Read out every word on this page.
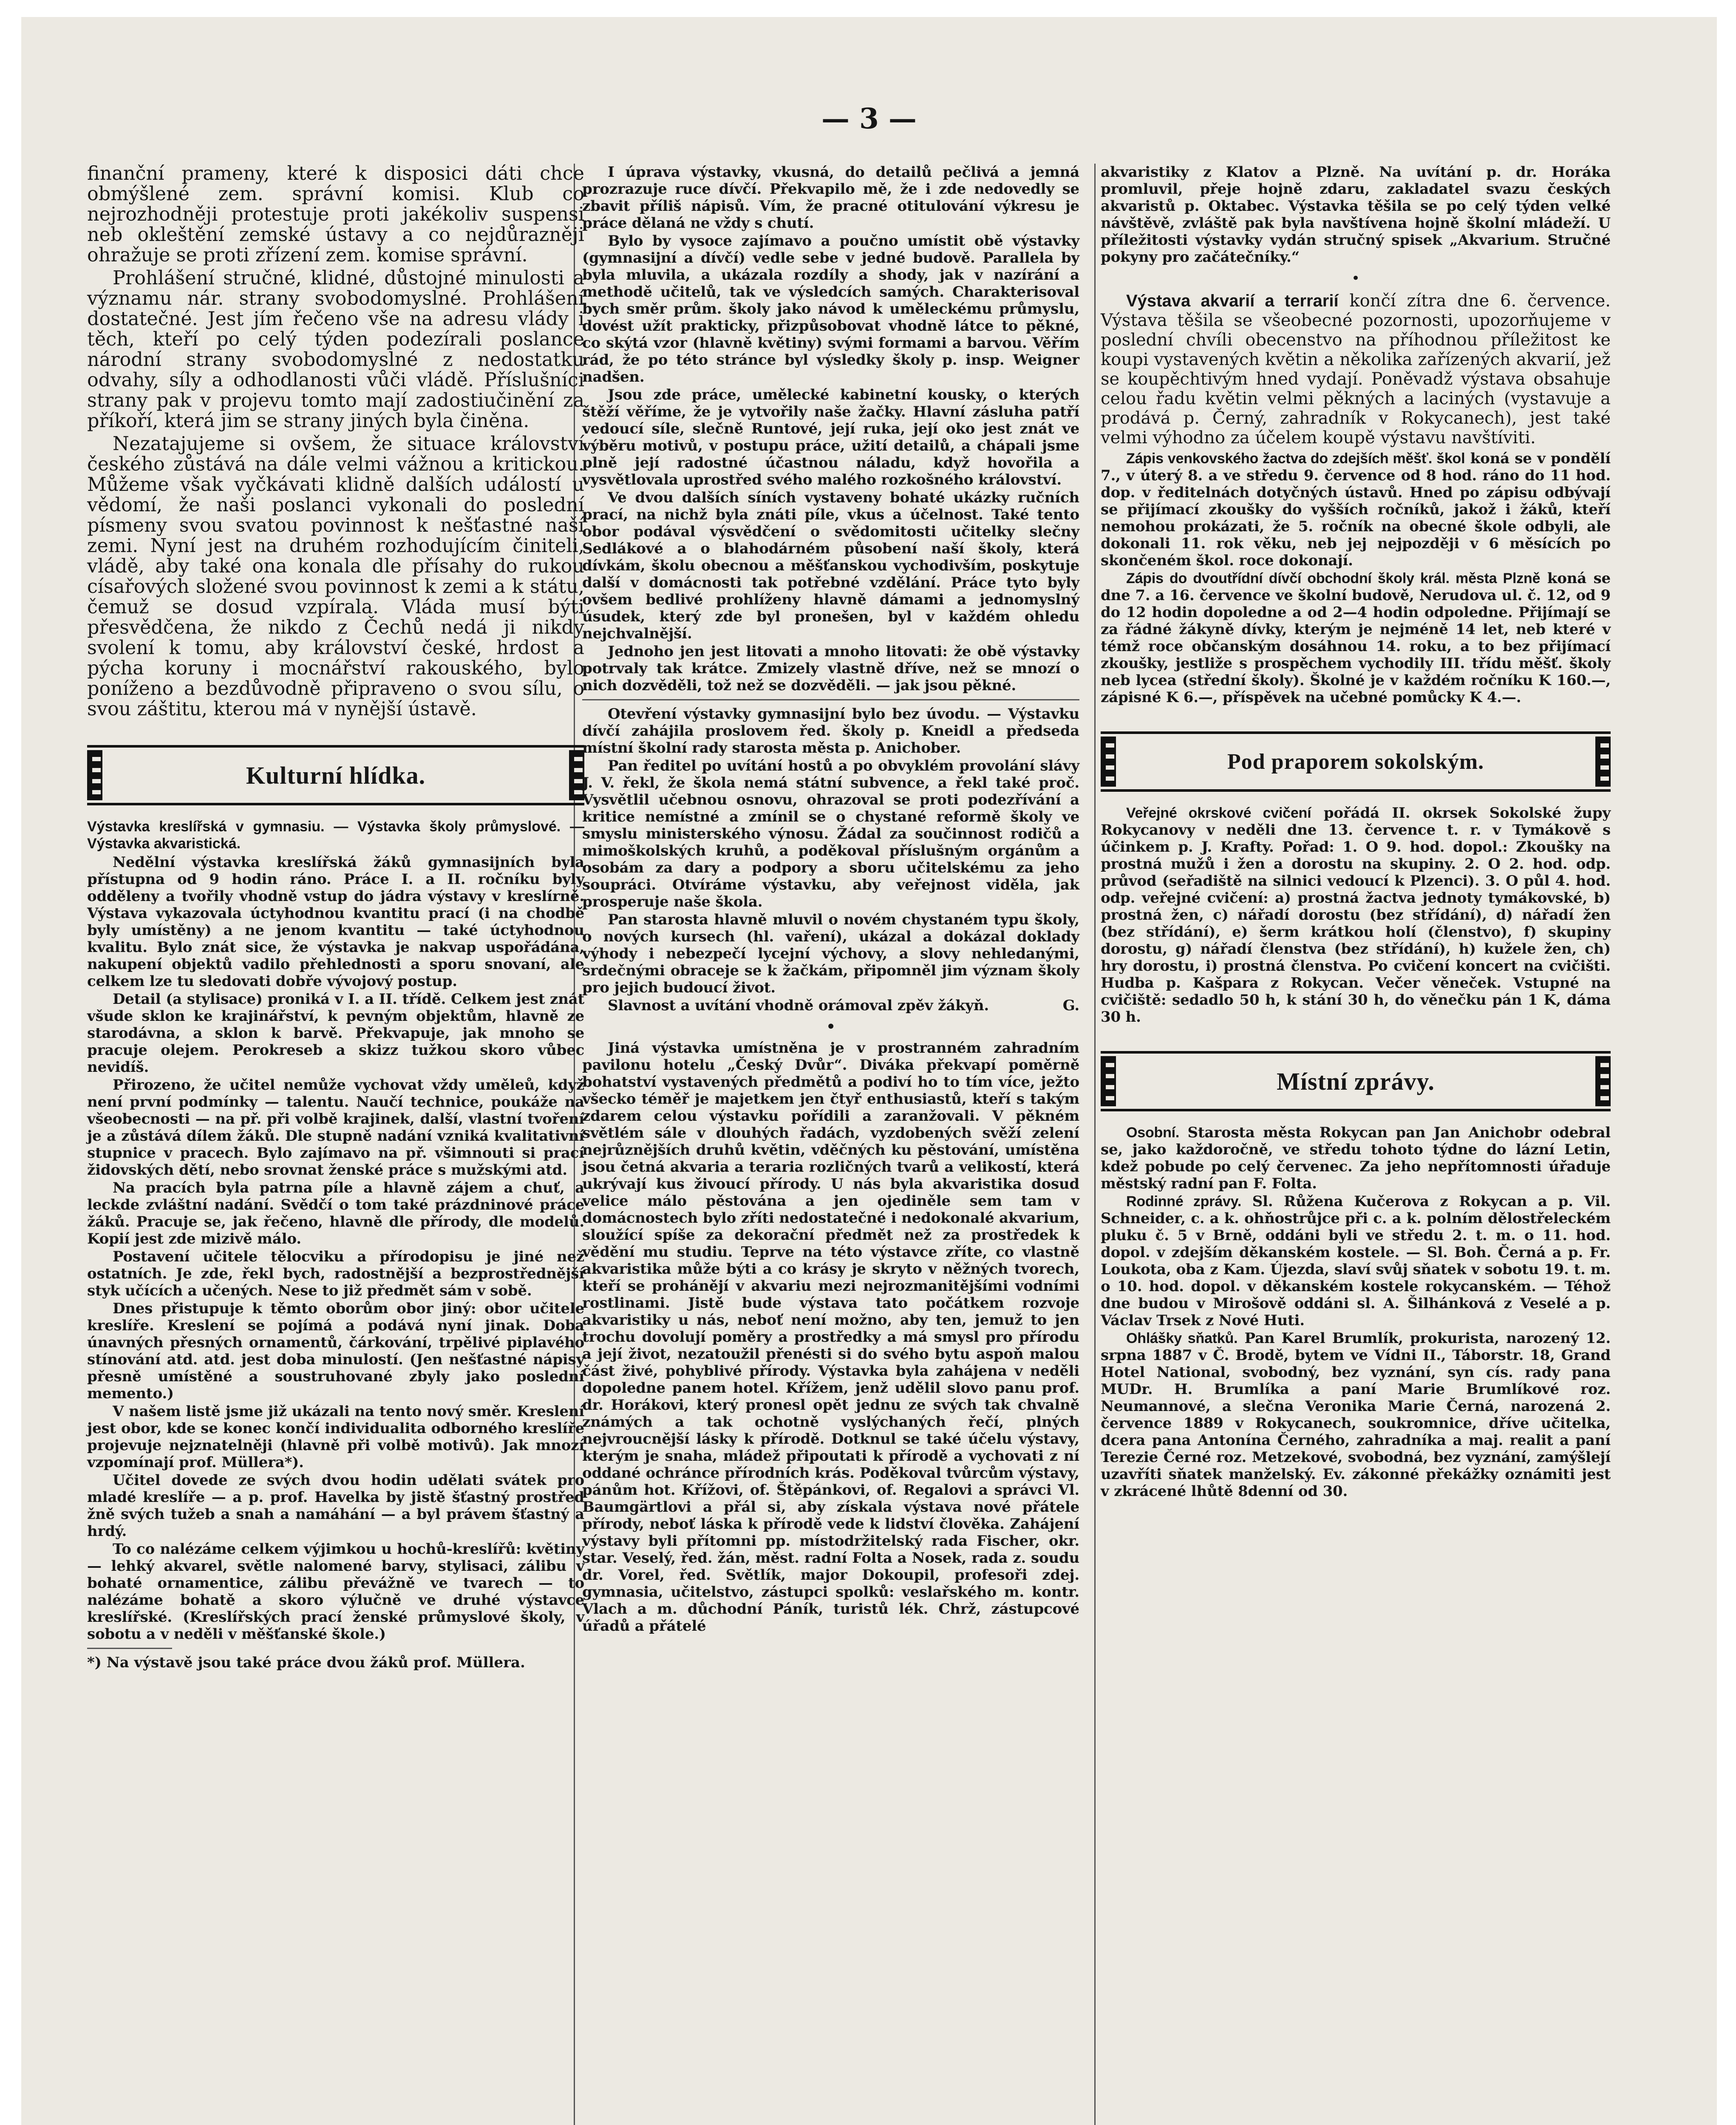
— 3 —

finanční prameny, které k disposici dáti chce obmýšlené zem. správní komisi. Klub co nejrozhodněji protestuje proti jakékoliv suspensi neb okleštění zemské ústavy a co nejdůrazněji ohražuje se proti zřízení zem. komise správní.

Prohlášení stručné, klidné, důstojné minulosti a významu nár. strany svobodomyslné. Prohlášení dostatečné. Jest jím řečeno vše na adresu vlády i těch, kteří po celý týden podezírali poslance národní strany svobodomyslné z nedostatku odvahy, síly a odhodlanosti vůči vládě. Příslušníci strany pak v projevu tomto mají zadostiučinění za příkoří, která jim se strany jiných byla činěna.

Nezatajujeme si ovšem, že situace království českého zůstává na dále velmi vážnou a kritickou. Můžeme však vyčkávati klidně dalších událostí u vědomí, že naši poslanci vykonali do poslední písmeny svou svatou povinnost k nešťastné naší zemi. Nyní jest na druhém rozhodujícím činiteli, vládě, aby také ona konala dle přísahy do rukou císařových složené svou povinnost k zemi a k státu, čemuž se dosud vzpírala. Vláda musí býti přesvědčena, že nikdo z Čechů nedá ji nikdy svolení k tomu, aby království české, hrdost a pýcha koruny i mocnářství rakouského, bylo poníženo a bezdůvodně připraveno o svou sílu, o svou záštitu, kterou má v nynější ústavě.

Kulturní hlídka.
Výstavka kreslířská v gymnasiu. — Výstavka školy průmyslové. — Výstavka akvaristická.

Nedělní výstavka kreslířská žáků gymnasijních byla přístupna od 9 hodin ráno. Práce I. a II. ročníku byly odděleny a tvořily vhodně vstup do jádra výstavy v kreslírně. Výstava vykazovala úctyhodnou kvantitu prací (i na chodbě byly umístěny) a ne jenom kvantitu — také úctyhodnou kvalitu. Bylo znát sice, že výstavka je nakvap uspořádána, nakupení objektů vadilo přehlednosti a sporu snovaní, ale celkem lze tu sledovati dobře vývojový postup.

Detail (a stylisace) proniká v I. a II. třídě. Celkem jest znát všude sklon ke krajinářství, k pevným objektům, hlavně ze starodávna, a sklon k barvě. Překvapuje, jak mnoho se pracuje olejem. Perokreseb a skizz tužkou skoro vůbec nevidíš.

Přirozeno, že učitel nemůže vychovat vždy uměleů, když není první podmínky — talentu. Naučí technice, poukáže na všeobecnosti — na př. při volbě krajinek, další, vlastní tvoření je a zůstává dílem žáků. Dle stupně nadání vzniká kvalitativní stupnice v pracech. Bylo zajímavo na př. všimnouti si prací židovských dětí, nebo srovnat ženské práce s mužskými atd.

Na pracích byla patrna píle a hlavně zájem a chuť, a leckde zvláštní nadání. Svědčí o tom také prázdninové práce žáků. Pracuje se, jak řečeno, hlavně dle přírody, dle modelů. Kopií jest zde mizivě málo.

Postavení učitele tělocviku a přírodopisu je jiné než ostatních. Je zde, řekl bych, radostnější a bezprostřednější styk učících a učených. Nese to již předmět sám v sobě.

Dnes přistupuje k těmto oborům obor jiný: obor učitele kreslíře. Kreslení se pojímá a podává nyní jinak. Doba únavných přesných ornamentů, čárkování, trpělivé piplavého stínování atd. atd. jest doba minulostí. (Jen nešťastné nápisy přesně umístěné a soustruhované zbyly jako poslední memento.)

V našem listě jsme již ukázali na tento nový směr. Kreslení jest obor, kde se konec končí individualita odborného kreslíře projevuje nejznatelněji (hlavně při volbě motivů). Jak mnozí vzpomínají prof. Müllera*).

Učitel dovede ze svých dvou hodin udělati svátek pro mladé kreslíře — a p. prof. Havelka by jistě šťastný prostřed žně svých tužeb a snah a namáhání — a byl právem šťastný a hrdý.

To co nalézáme celkem výjimkou u hochů-kreslířů: květiny — lehký akvarel, světle nalomené barvy, stylisaci, zálibu v bohaté ornamentice, zálibu převážně ve tvarech — to nalézáme bohatě a skoro výlučně ve druhé výstavce kreslířské. (Kreslířských prací ženské průmyslové školy, v sobotu a v neděli v měšťanské škole.)

*) Na výstavě jsou také práce dvou žáků prof. Müllera.

I úprava výstavky, vkusná, do detailů pečlivá a jemná prozrazuje ruce dívčí. Překvapilo mě, že i zde nedovedly se zbavit příliš nápisů. Vím, že pracné otitulování výkresu je práce dělaná ne vždy s chutí.

Bylo by vysoce zajímavo a poučno umístit obě výstavky (gymnasijní a dívčí) vedle sebe v jedné budově. Parallela by byla mluvila, a ukázala rozdíly a shody, jak v nazírání a methodě učitelů, tak ve výsledcích samých. Charakterisoval bych směr prům. školy jako návod k uměleckému průmyslu, dovést užít prakticky, přizpůsobovat vhodně látce to pěkné, co skýtá vzor (hlavně květiny) svými formami a barvou. Věřím rád, že po této stránce byl výsledky školy p. insp. Weigner nadšen.

Jsou zde práce, umělecké kabinetní kousky, o kterých štěží věříme, že je vytvořily naše žačky. Hlavní zásluha patří vedoucí síle, slečně Runtové, její ruka, její oko jest znát ve výběru motivů, v postupu práce, užití detailů, a chápali jsme plně její radostné účastnou náladu, když hovořila a vysvětlovala uprostřed svého malého rozkošného království.

Ve dvou dalších síních vystaveny bohaté ukázky ručních prací, na nichž byla znáti píle, vkus a účelnost. Také tento obor podával výsvědčení o svědomitosti učitelky slečny Sedlákové a o blahodárném působení naší školy, která dívkám, školu obecnou a měšťanskou vychodivším, poskytuje další v domácnosti tak potřebné vzdělání. Práce tyto byly ovšem bedlivé prohlíženy hlavně dámami a jednomyslný úsudek, který zde byl pronešen, byl v každém ohledu nejchvalnější.

Jednoho jen jest litovati a mnoho litovati: že obě výstavky potrvaly tak krátce. Zmizely vlastně dříve, než se mnozí o nich dozvěděli, tož než se dozvěděli. — jak jsou pěkné.

Otevření výstavky gymnasijní bylo bez úvodu. — Výstavku dívčí zahájila proslovem řed. školy p. Kneidl a předseda místní školní rady starosta města p. Anichober.

Pan ředitel po uvítání hostů a po obvyklém provolání slávy J. V. řekl, že škola nemá státní subvence, a řekl také proč. Vysvětlil učebnou osnovu, ohrazoval se proti podezřívání a kritice nemístné a zmínil se o chystané reformě školy ve smyslu ministerského výnosu. Žádal za součinnost rodičů a mimoškolských kruhů, a poděkoval příslušným orgánům a osobám za dary a podpory a sboru učitelskému za jeho soupráci. Otvíráme výstavku, aby veřejnost viděla, jak prosperuje naše škola.

Pan starosta hlavně mluvil o novém chystaném typu školy, o nových kursech (hl. vaření), ukázal a dokázal doklady výhody i nebezpečí lycejní výchovy, a slovy nehledanými, srdečnými obraceje se k žačkám, připomněl jim význam školy pro jejich budoucí život.

Slavnost a uvítání vhodně orámoval zpěv žákyň.	G.
•

Jiná výstavka umístněna je v prostranném zahradním pavilonu hotelu „Český Dvůr“. Divákа překvapí poměrně bohatství vystavených předmětů a podiví ho to tím více, ježto všecko téměř je majetkem jen čtyř enthusiastů, kteří s takým zdarem celou výstavku pořídili a zaranžovali. V pěkném světlém sále v dlouhých řadách, vyzdobených svěží zelení nejrůznějších druhů květin, vděčných ku pěstování, umístěna jsou četná akvaria a teraria rozličných tvarů a velikostí, která ukrývají kus živoucí přírody. U nás byla akvaristika dosud velice málo pěstována a jen ojediněle sem tam v domácnostech bylo zříti nedostatečné i nedokonalé akvarium, sloužící spíše za dekorační předmět než za prostředek k vědění mu studiu. Teprve na této výstavce zříte, co vlastně akvaristika může býti a co krásy je skryto v něžných tvorech, kteří se prohánějí v akvariu mezi nejrozmanitějšími vodními rostlinami. Jistě bude výstava tato počátkem rozvoje akvaristiky u nás, neboť není možno, aby ten, jemuž to jen trochu dovolují poměry a prostředky a má smysl pro přírodu a její život, nezatoužil přenésti si do svého bytu aspoň malou část živé, pohyblivé přírody. Výstavka byla zahájena v neděli dopoledne panem hotel. Křížem, jenž udělil slovo panu prof. dr. Horákovi, který pronesl opět jednu ze svých tak chvalně známých a tak ochotně vyslýchaných řečí, plných nejvroucnější lásky k přírodě. Dotknul se také účelu výstavy, kterým je snaha, mládež připoutati k přírodě a vychovati z ní oddané ochránce přírodních krás. Poděkoval tvůrcům výstavy, pánům hot. Křížovi, of. Štěpánkovi, of. Regalovi a správci Vl. Baumgärtlovi a přál si, aby získala výstava nové přátele přírody, neboť láska k přírodě vede k lidství člověka. Zahájení výstavy byli přítomni pp. místodržitelský rada Fischer, okr. star. Veselý, řed. žán, měst. radní Folta a Nosek, rada z. soudu dr. Vorel, řed. Světlík, major Dokoupil, profesoři zdej. gymnasia, učitelstvo, zástupci spolků: veslařského m. kontr. Vlach a m. důchodní Páník, turistů lék. Chrž, zástupcové úřadů a přátelé

akvaristiky z Klatov a Plzně. Na uvítání p. dr. Horáka promluvil, přeje hojně zdaru, zakladatel svazu českých akvaristů p. Oktabec. Výstavka těšila se po celý týden velké návštěvě, zvláště pak byla navštívena hojně školní mládeží. U příležitosti výstavky vydán stručný spisek „Akvarium. Stručné pokyny pro začátečníky.“

•

Výstava akvarií a terrarií končí zítra dne 6. července. Výstava těšila se všeobecné pozornosti, upozorňujeme v poslední chvíli obecenstvo na příhodnou příležitost ke koupi vystavených květin a několika zařízených akvarií, jež se koupěchtivým hned vydají. Poněvadž výstava obsahuje celou řadu květin velmi pěkných a laciných (vystavuje a prodává p. Černý, zahradník v Rokycanech), jest také velmi výhodno za účelem koupě výstavu navštíviti.

Zápis venkovského žactva do zdejších měšť. škol koná se v pondělí 7., v úterý 8. a ve středu 9. července od 8 hod. ráno do 11 hod. dop. v ředitelnách dotyčných ústavů. Hned po zápisu odbývají se přijímací zkoušky do vyšších ročníků, jakož i žáků, kteří nemohou prokázati, že 5. ročník na obecné škole odbyli, ale dokonali 11. rok věku, neb jej nejpozději v 6 měsících po skončeném škol. roce dokonají.

Zápis do dvoutřídní dívčí obchodní školy král. města Plzně koná se dne 7. a 16. července ve školní budově, Nerudova ul. č. 12, od 9 do 12 hodin dopoledne a od 2—4 hodin odpoledne. Přijímají se za řádné žákyně dívky, kterým je nejméně 14 let, neb které v témž roce občanským dosáhnou 14. roku, a to bez přijímací zkoušky, jestliže s prospěchem vychodily III. třídu měšť. školy neb lycea (střední školy). Školné je v každém ročníku K 160.—, zápisné K 6.—, příspěvek na učebné pomůcky K 4.—.

Pod praporem sokolským.

Veřejné okrskové cvičení pořádá II. okrsek Sokolské župy Rokycanovy v neděli dne 13. července t. r. v Tymákově s účinkem p. J. Krafty. Pořad: 1. O 9. hod. dopol.: Zkoušky na prostná mužů i žen a dorostu na skupiny. 2. O 2. hod. odp. průvod (seřadiště na silnici vedoucí k Plzenci). 3. O půl 4. hod. odp. veřejné cvičení: a) prostná žactva jednoty tymákovské, b) prostná žen, c) nářadí dorostu (bez střídání), d) nářadí žen (bez střídání), e) šerm krátkou holí (členstvo), f) skupiny dorostu, g) nářadí členstva (bez střídání), h) kuželе žen, ch) hry dorostu, i) prostná členstva. Po cvičení koncert na cvičišti. Hudba p. Kašpara z Rokycan. Večer věneček. Vstupné na cvičiště: sedadlo 50 h, k stání 30 h, do věnečku pán 1 K, dáma 30 h.

Místní zprávy.

Osobní. Starosta města Rokycan pan Jan Anichobr odebral se, jako každoročně, ve středu tohoto týdne do lázní Letin, kdež pobude po celý červenec. Za jeho nepřítomnosti úřaduje městský radní pan F. Folta.

Rodinné zprávy. Sl. Růžena Kučerova z Rokycan a p. Vil. Schneider, c. a k. ohňostrůjce při c. a k. polním dělostřeleckém pluku č. 5 v Brně, oddáni byli ve středu 2. t. m. o 11. hod. dopol. v zdejším děkanském kostele. — Sl. Boh. Černá a p. Fr. Loukota, oba z Kam. Újezda, slaví svůj sňatek v sobotu 19. t. m. o 10. hod. dopol. v děkanském kostele rokycanském. — Téhož dne budou v Mirošově oddáni sl. A. Šilhánková z Veselé a p. Václav Trsek z Nové Huti.

Ohlášky sňatků. Pan Karel Brumlík, prokurista, narozený 12. srpna 1887 v Č. Brodě, bytem ve Vídni II., Táborstr. 18, Grand Hotel National, svobodný, bez vyznání, syn cís. rady pana MUDr. H. Brumlíka a paní Marie Brumlíkové roz. Neumannové, a slečna Veronika Marie Černá, narozená 2. července 1889 v Rokycanech, soukromnice, dříve učitelka, dcera pana Antonína Černého, zahradníka a maj. realit a paní Terezie Černé roz. Metzekové, svobodná, bez vyznání, zamýšlejí uzavříti sňatek manželský. Ev. zákonné překážky oznámiti jest v zkrácené lhůtě 8denní od 30.
